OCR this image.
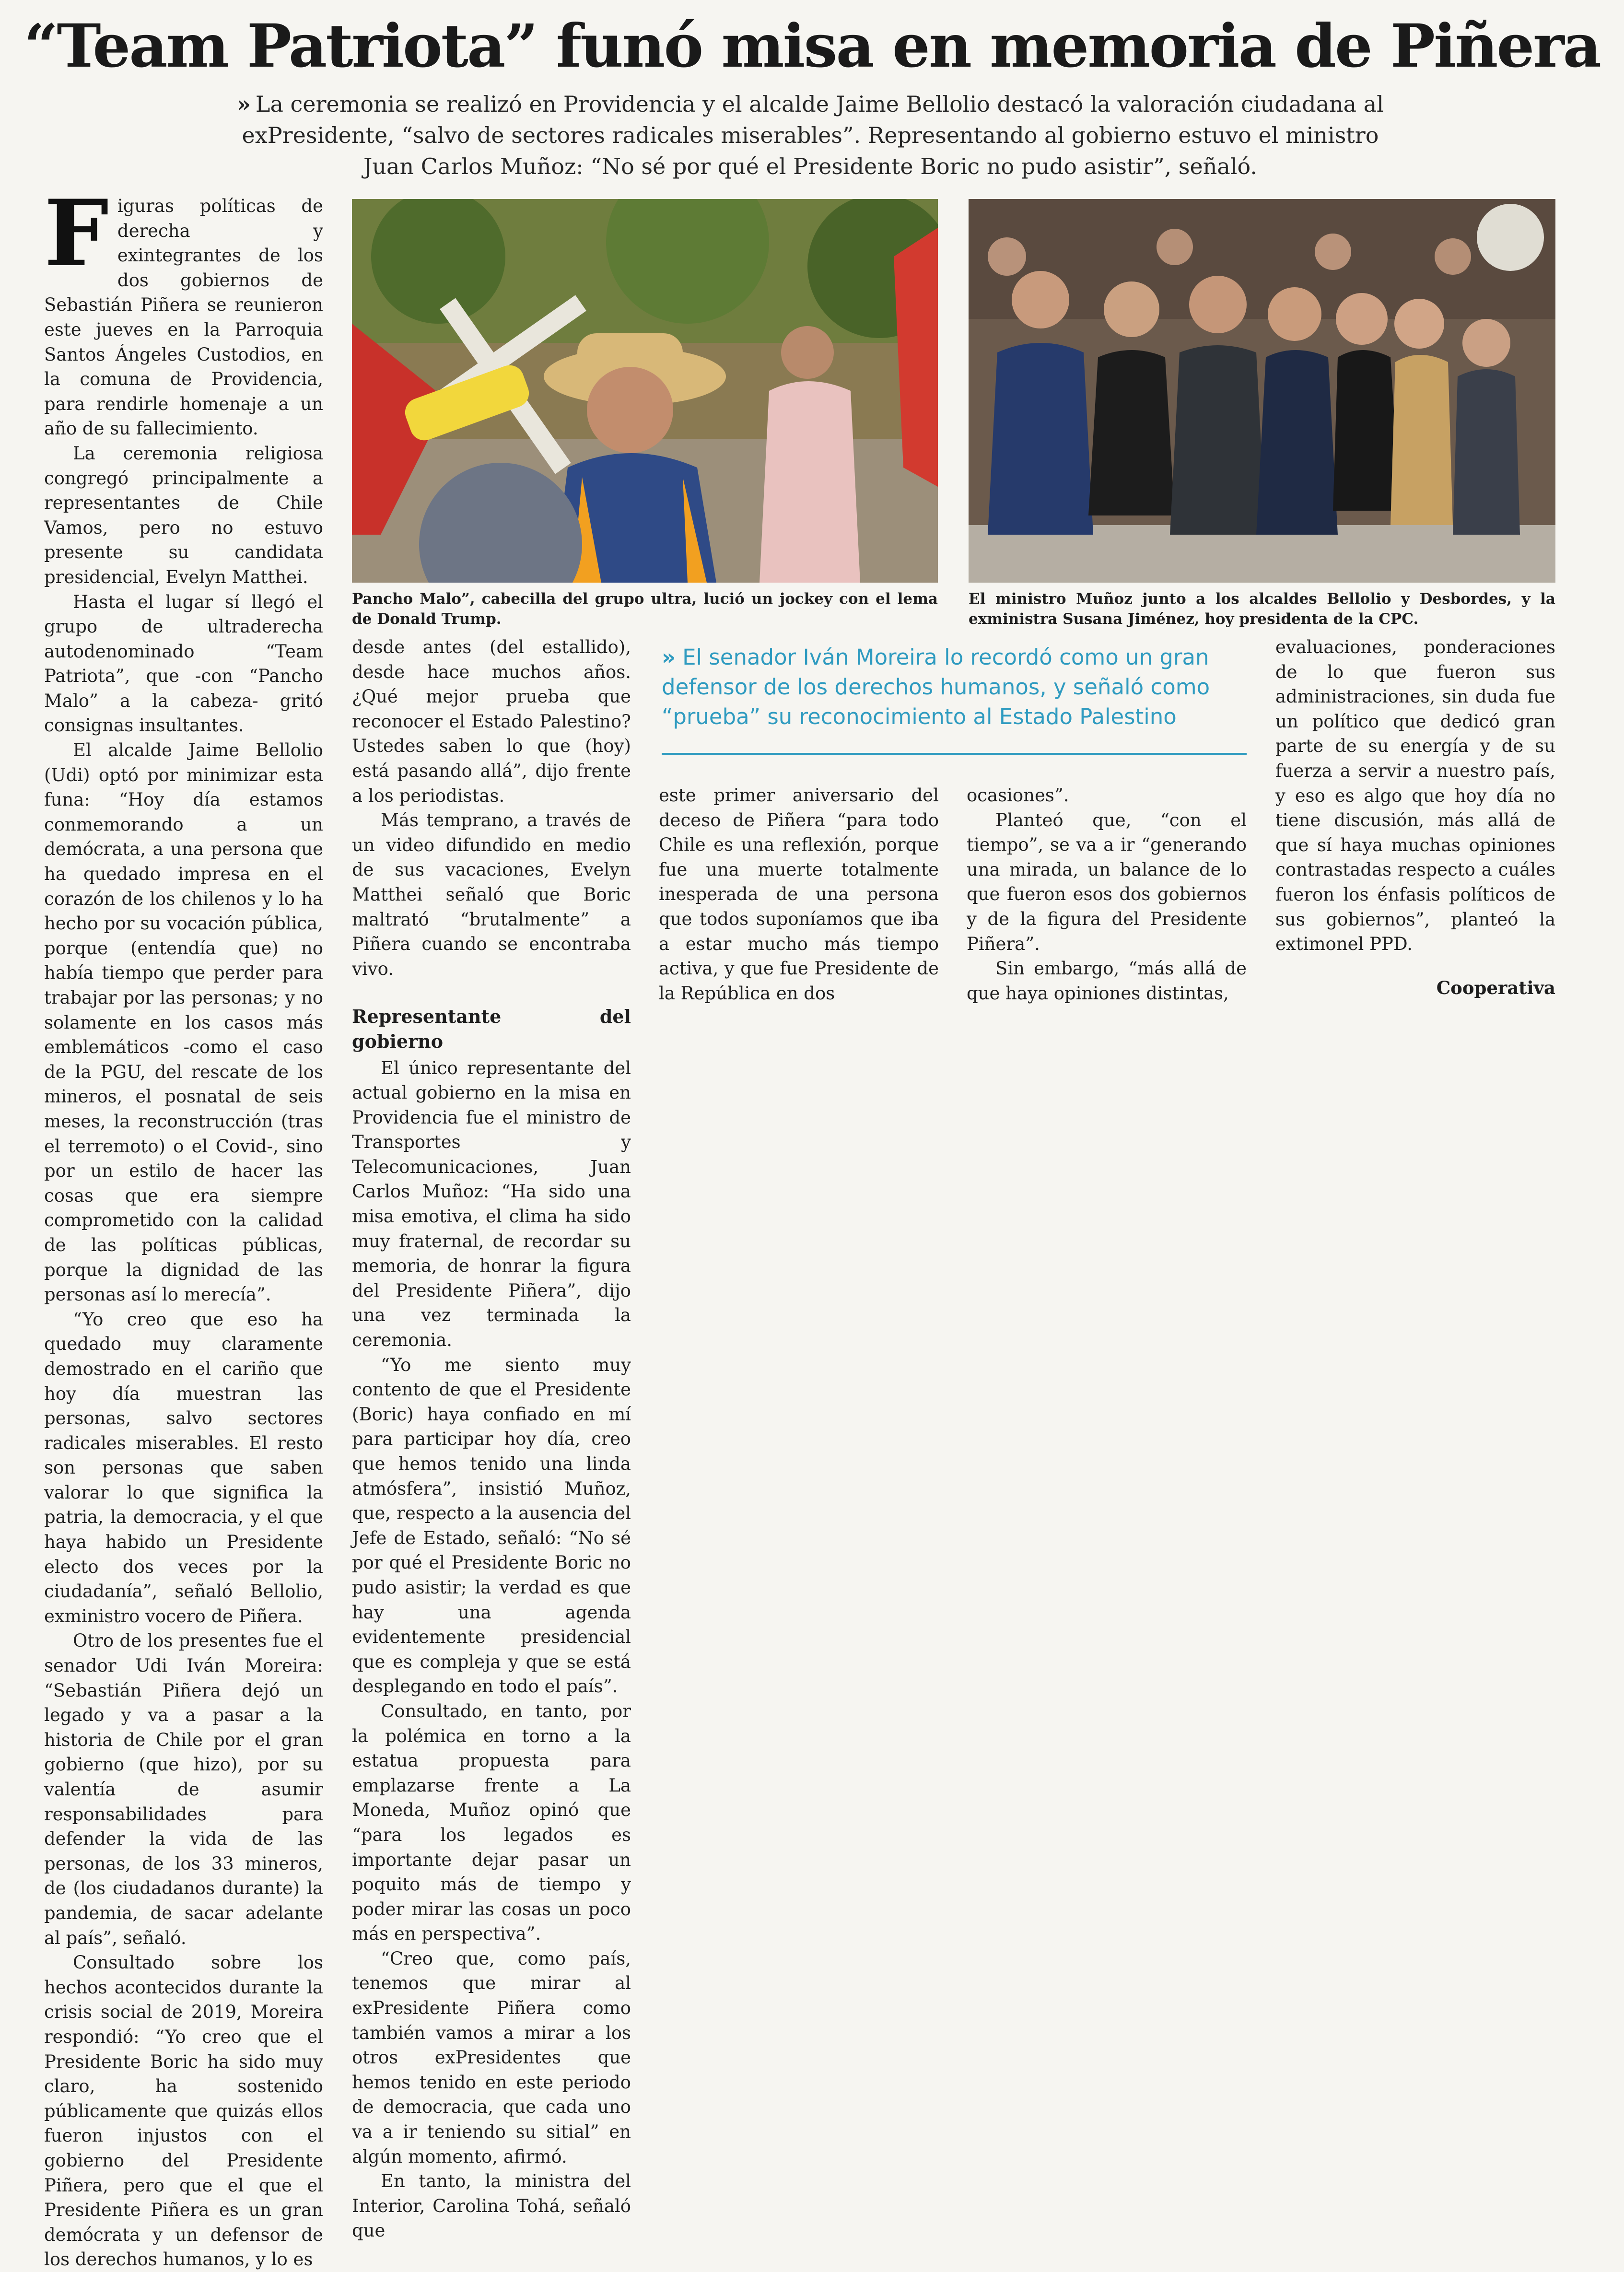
“Team Patriota” funó misa en memoria de Piñera

» La ceremonia se realizó en Providencia y el alcalde Jaime Bellolio destacó la valoración ciudadana al exPresidente, “salvo de sectores radicales miserables”. Representando al gobierno estuvo el ministro Juan Carlos Muñoz: “No sé por qué el Presidente Boric no pudo asistir”, señaló.

Figuras políticas de derecha y exintegrantes de los dos gobiernos de Sebastián Piñera se reunieron este jueves en la Parroquia Santos Ángeles Custodios, en la comuna de Providencia, para rendirle homenaje a un año de su fallecimiento.

La ceremonia religiosa congregó principalmente a representantes de Chile Vamos, pero no estuvo presente su candidata presidencial, Evelyn Matthei.

Hasta el lugar sí llegó el grupo de ultraderecha autodenominado “Team Patriota”, que -con “Pancho Malo” a la cabeza- gritó consignas insultantes.

El alcalde Jaime Bellolio (Udi) optó por minimizar esta funa: “Hoy día estamos conmemorando a un demócrata, a una persona que ha quedado impresa en el corazón de los chilenos y lo ha hecho por su vocación pública, porque (entendía que) no había tiempo que perder para trabajar por las personas; y no solamente en los casos más emblemáticos -como el caso de la PGU, del rescate de los mineros, el posnatal de seis meses, la reconstrucción (tras el terremoto) o el Covid-, sino por un estilo de hacer las cosas que era siempre comprometido con la calidad de las políticas públicas, porque la dignidad de las personas así lo merecía”.

“Yo creo que eso ha quedado muy claramente demostrado en el cariño que hoy día muestran las personas, salvo sectores radicales miserables. El resto son personas que saben valorar lo que significa la patria, la democracia, y el que haya habido un Presidente electo dos veces por la ciudadanía”, señaló Bellolio, exministro vocero de Piñera.

Otro de los presentes fue el senador Udi Iván Moreira: “Sebastián Piñera dejó un legado y va a pasar a la historia de Chile por el gran gobierno (que hizo), por su valentía de asumir responsabilidades para defender la vida de las personas, de los 33 mineros, de (los ciudadanos durante) la pandemia, de sacar adelante al país”, señaló.

Consultado sobre los hechos acontecidos durante la crisis social de 2019, Moreira respondió: “Yo creo que el Presidente Boric ha sido muy claro, ha sostenido públicamente que quizás ellos fueron injustos con el gobierno del Presidente Piñera, pero que el que el Presidente Piñera es un gran demócrata y un defensor de los derechos humanos, y lo es

Pancho Malo”, cabecilla del grupo ultra, lució un jockey con el lema de Donald Trump.

El ministro Muñoz junto a los alcaldes Bellolio y Desbordes, y la exministra Susana Jiménez, hoy presidenta de la CPC.

desde antes (del estallido), desde hace muchos años. ¿Qué mejor prueba que reconocer el Estado Palestino? Ustedes saben lo que (hoy) está pasando allá”, dijo frente a los periodistas.

Más temprano, a través de un video difundido en medio de sus vacaciones, Evelyn Matthei señaló que Boric maltrató “brutalmente” a Piñera cuando se encontraba vivo.

Representante del gobierno

El único representante del actual gobierno en la misa en Providencia fue el ministro de Transportes y Telecomunicaciones, Juan Carlos Muñoz: “Ha sido una misa emotiva, el clima ha sido muy fraternal, de recordar su memoria, de honrar la figura del Presidente Piñera”, dijo una vez terminada la ceremonia.

“Yo me siento muy contento de que el Presidente (Boric) haya confiado en mí para participar hoy día, creo que hemos tenido una linda atmósfera”, insistió Muñoz, que, respecto a la ausencia del Jefe de Estado, señaló: “No sé por qué el Presidente Boric no pudo asistir; la verdad es que hay una agenda evidentemente presidencial que es compleja y que se está desplegando en todo el país”.

Consultado, en tanto, por la polémica en torno a la estatua propuesta para emplazarse frente a La Moneda, Muñoz opinó que “para los legados es importante dejar pasar un poquito más de tiempo y poder mirar las cosas un poco más en perspectiva”.

“Creo que, como país, tenemos que mirar al exPresidente Piñera como también vamos a mirar a los otros exPresidentes que hemos tenido en este periodo de democracia, que cada uno va a ir teniendo su sitial” en algún momento, afirmó.

En tanto, la ministra del Interior, Carolina Tohá, señaló que

» El senador Iván Moreira lo recordó como un gran defensor de los derechos humanos, y señaló como “prueba” su reconocimiento al Estado Palestino

este primer aniversario del deceso de Piñera “para todo Chile es una reflexión, porque fue una muerte totalmente inesperada de una persona que todos suponíamos que iba a estar mucho más tiempo activa, y que fue Presidente de la República en dos

ocasiones”.

Planteó que, “con el tiempo”, se va a ir “generando una mirada, un balance de lo que fueron esos dos gobiernos y de la figura del Presidente Piñera”.

Sin embargo, “más allá de que haya opiniones distintas,

evaluaciones, ponderaciones de lo que fueron sus administraciones, sin duda fue un político que dedicó gran parte de su energía y de su fuerza a servir a nuestro país, y eso es algo que hoy día no tiene discusión, más allá de que sí haya muchas opiniones contrastadas respecto a cuáles fueron los énfasis políticos de sus gobiernos”, planteó la extimonel PPD.

Cooperativa
